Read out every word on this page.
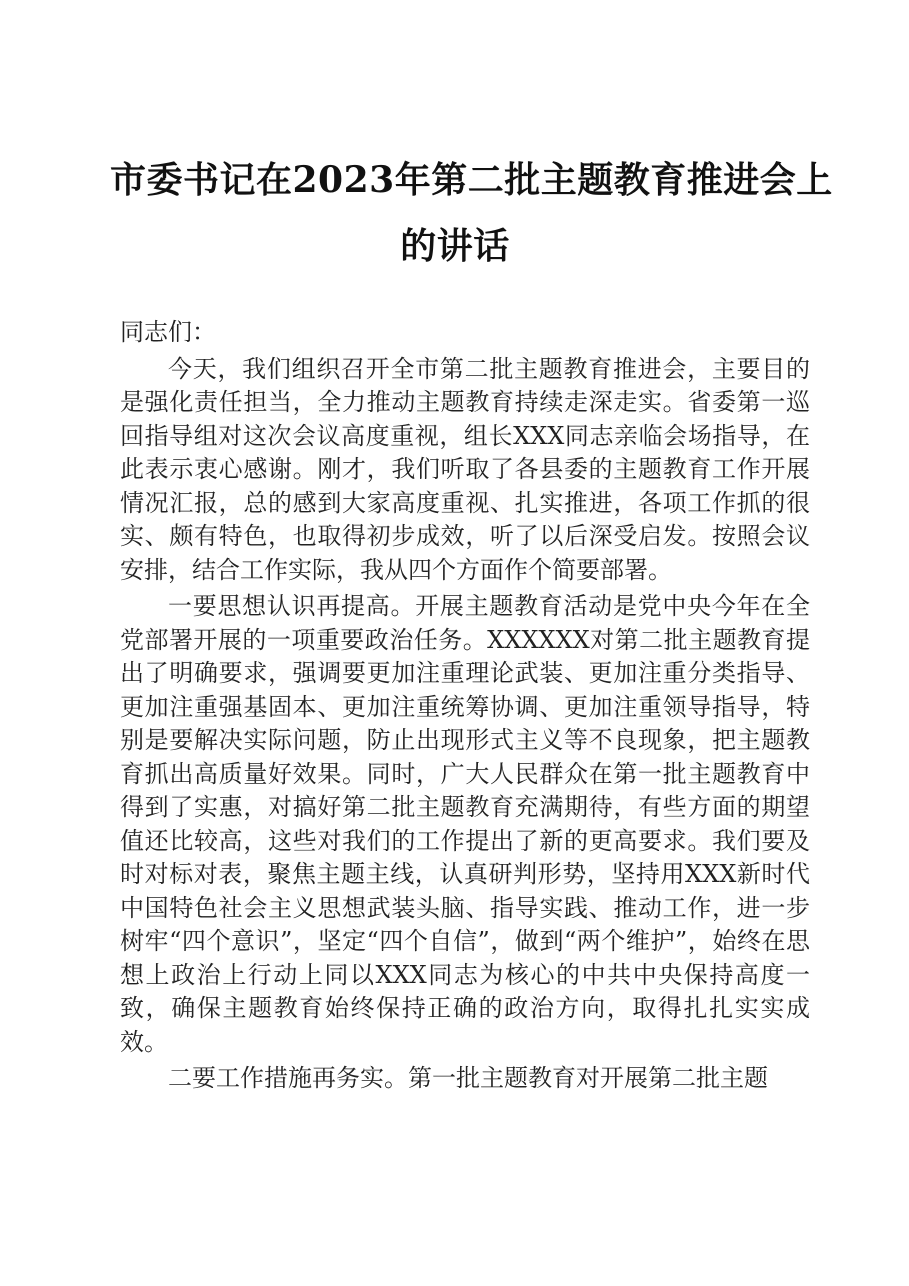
市委书记在2023年第二批主题教育推进会上
的讲话

同志们：

今天，我们组织召开全市第二批主题教育推进会，主要目的是强化责任担当，全力推动主题教育持续走深走实。省委第一巡回指导组对这次会议高度重视，组长XXX同志亲临会场指导，在此表示衷心感谢。刚才，我们听取了各县委的主题教育工作开展情况汇报，总的感到大家高度重视、扎实推进，各项工作抓的很实、颇有特色，也取得初步成效，听了以后深受启发。按照会议安排，结合工作实际，我从四个方面作个简要部署。

一要思想认识再提高。开展主题教育活动是党中央今年在全党部署开展的一项重要政治任务。XXXXXX对第二批主题教育提出了明确要求，强调要更加注重理论武装、更加注重分类指导、更加注重强基固本、更加注重统筹协调、更加注重领导指导，特别是要解决实际问题，防止出现形式主义等不良现象，把主题教育抓出高质量好效果。同时，广大人民群众在第一批主题教育中得到了实惠，对搞好第二批主题教育充满期待，有些方面的期望值还比较高，这些对我们的工作提出了新的更高要求。我们要及时对标对表，聚焦主题主线，认真研判形势，坚持用XXX新时代中国特色社会主义思想武装头脑、指导实践、推动工作，进一步树牢“四个意识”，坚定“四个自信”，做到“两个维护”，始终在思想上政治上行动上同以XXX同志为核心的中共中央保持高度一致，确保主题教育始终保持正确的政治方向，取得扎扎实实成效。

二要工作措施再务实。第一批主题教育对开展第二批主题
